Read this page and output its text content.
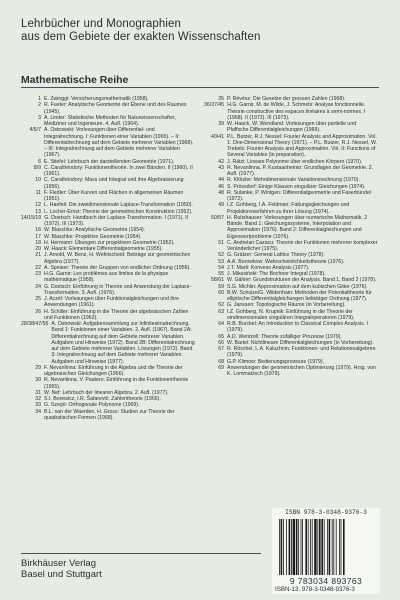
Lehrbücher und Monographien
aus dem Gebiete der exakten Wissenschaften
Mathematische Reihe
1 E. Zwinggi: Versicherungsmathematik (1958).
2 R. Fueter: Analytische Geometrie der Ebene und des Raumes (1945).
3 A. Linder: Statistische Methoden für Naturwissenschafter, Mediziner und Ingenieure. 4. Aufl. (1964).
4/5/7 A. Ostrowski: Vorlesungen über Differential- und Integralrechnung. I: Funktionen einer Variablen (1965). – II: Differentialrechnung auf dem Gebiete mehrerer Variablen (1968). – III: Integralrechnung auf dem Gebiete mehrerer Variablen (1967).
6 E. Stiefel: Lehrbuch der darstellenden Geometrie (1971).
8/9 C. Carathéodory: Funktionentheorie. In zwei Bänden. II (1960). II (1961).
10 C. Carathéodory: Mass und Integral und ihre Algebraisierung (1956).
11 F. Fiedler: Über Kurven und Flächen in allgemeinen Räumen (1951).
12 L. Haefeli: Die zweidimensionale Laplace-Transformation (1950).
13 L. Locher-Ernst: Theorie der geometrischen Konstruktion (1952).
14/15/19 G. Doetsch: Handbuch der Laplace-Transformation. I (1971). II (1972). III (1973).
16 W. Blaschke: Analytische Geometrie (1954).
17 W. Blaschke: Projektive Geometrie (1954).
18 H. Hermann: Übungen zur projektiven Geometrie (1952).
20 W. Haack: Elementare Differentialgeometrie (1955).
21 J. Arnold, W. Benz, H. Wefelscheid: Beiträge zur geometrischen Algebra (1977).
22 A. Speiser: Theorie der Gruppen von endlicher Ordnung (1956).
23 H.G. Garnir: Les problèmes aux limites de la physique mathématique (1958).
24 G. Doetsch: Einführung in Theorie und Anwendung der Laplace-Transformation. 3. Aufl. (1976).
25 J. Aczél: Vorlesungen über Funktionalgleichungen und ihre Anwendungen (1961).
26 H. Schiller: Einführung in die Theorie der algebraischen Zahlen und Funktionen (1963).
28/38/47/56 A. Ostrowski: Aufgabensammlung zur Infinitesimalrechnung. Band 1: Funktionen einer Variablen. 2. Aufl. (1967). Band 2A: Differentialrechnung auf dem Gebiete mehrerer Variablen. Aufgaben und Hinweise (1972). Band 2B: Differentialrechnung auf dem Gebiete mehrerer Variablen. Lösungen (1972). Band 3: Integralrechnung auf dem Gebiete mehrerer Variablen. Aufgaben und Hinweise (1977).
29 F. Nevanlinna: Einführung in die Algebra und die Theorie der algebraischen Gleichungen (1956).
30 R. Nevanlinna, V. Paatero: Einführung in die Funktionentheorie (1965).
31 W. Nef: Lehrbuch der linearen Algebra. 2. Aufl. (1977).
32 S.I. Borewicz, I.R. Šafarevič: Zahlentheorie (1966).
33 G. Szegö: Orthogonale Polynome (1969).
34 B.L. van der Waerden, H. Gross: Studien zur Theorie der quadratischen Formen (1968).
35 P. Révész: Die Gesetze der grossen Zahlen (1968).
36/37/45 H.G. Garnir, M. de Wilde, J. Schmets: Analyse fonctionnelle. Théorie constructive des espaces linéaires à semi-normes. I (1968). II (1972). III (1973).
39 W. Haack, W. Wendland: Vorlesungen über partielle und Pfaffsche Differentialgleichungen (1969).
40/41 P.L. Butzer, R.J. Nessel: Fourier Analysis and Approximation. Vol. 1: One-Dimensional Theory (1971). – P.L. Butzer, R.J. Nessel, W. Trebels: Fourier Analysis and Approximation. Vol. II: Functions of Several Variables (in preparation).
42 J. Rätzi: Lineare Polynome über endlichen Körpern (1970).
43 R. Nevanlinna, P. Kustaanheimo: Grundlagen der Geometrie. 2. Aufl. (1977).
44 R. Klötzler: Mehrdimensionale Variationsrechnung (1970).
46 S. Prössdorf: Einige Klassen singulärer Gleichungen (1974).
48 R. Sulanke, P. Wintgen: Differentialgeometrie und Faserbündel (1972).
49 I.Z. Gohberg, I.A. Feldman: Faltungsgleichungen und Projektionsverfahren zu ihrer Lösung (1974).
50/57 H. Rutishauser: Vorlesungen über numerische Mathematik. 2 Bände. Band 1: Gleichungssysteme, Interpolation und Approximation (1976). Band 2: Differentialgleichungen und Eigenwertprobleme (1976).
51 C. Andreian Cazacu: Theorie der Funktionen mehrerer komplexer Veränderlicher (1975).
52 G. Grätzer: General Lattice Theory (1978).
53 A.A. Borowkow: Wahrscheinlichkeitstheorie (1976).
54 J.T. Marti: Konvexe Analysis (1977).
55 J. Mikusiński: The Bochner Integral (1978).
58/61 W. Gähler: Grundstrukturen der Analysis. Band 1, Band 2 (1978).
59 S.G. Michlin: Approximation auf dem kubischen Gitter (1976).
60 B.W. Schulze/G. Wildenhain: Methoden der Potentialtheorie für elliptische Differentialgleichungen beliebiger Ordnung (1977).
62 G. Janssen: Topologische Räume (in Vorbereitung).
63 I.Z. Gohberg, N. Krupnik: Einführung in die Theorie der eindimensionalen singulären Integraloperatoren (1979).
64 R.B. Burckel: An Introduction to Classical Complex Analysis. I (1979).
65 A.D. Wentzell: Theorie zufälliger Prozesse (1979).
66 W. Bartel: Nichtlineare Differentialgleichungen (in Vorbereitung).
67 R. Röschel, L.A. Kaluzhnin: Funktionen- und Relationenalgebren (1979).
68 G.P. Klimow: Bedienungsprozesse (1979).
69 Anwendungen der geometrischen Optimierung (1979). Hrsg. von K. Lommatzsch (1979).
Birkhäuser Verlag
Basel und Stuttgart
ISBN 978-3-0348-9376-3
9 783034 893763
ISBN-13: 978-3-0348-9376-3
